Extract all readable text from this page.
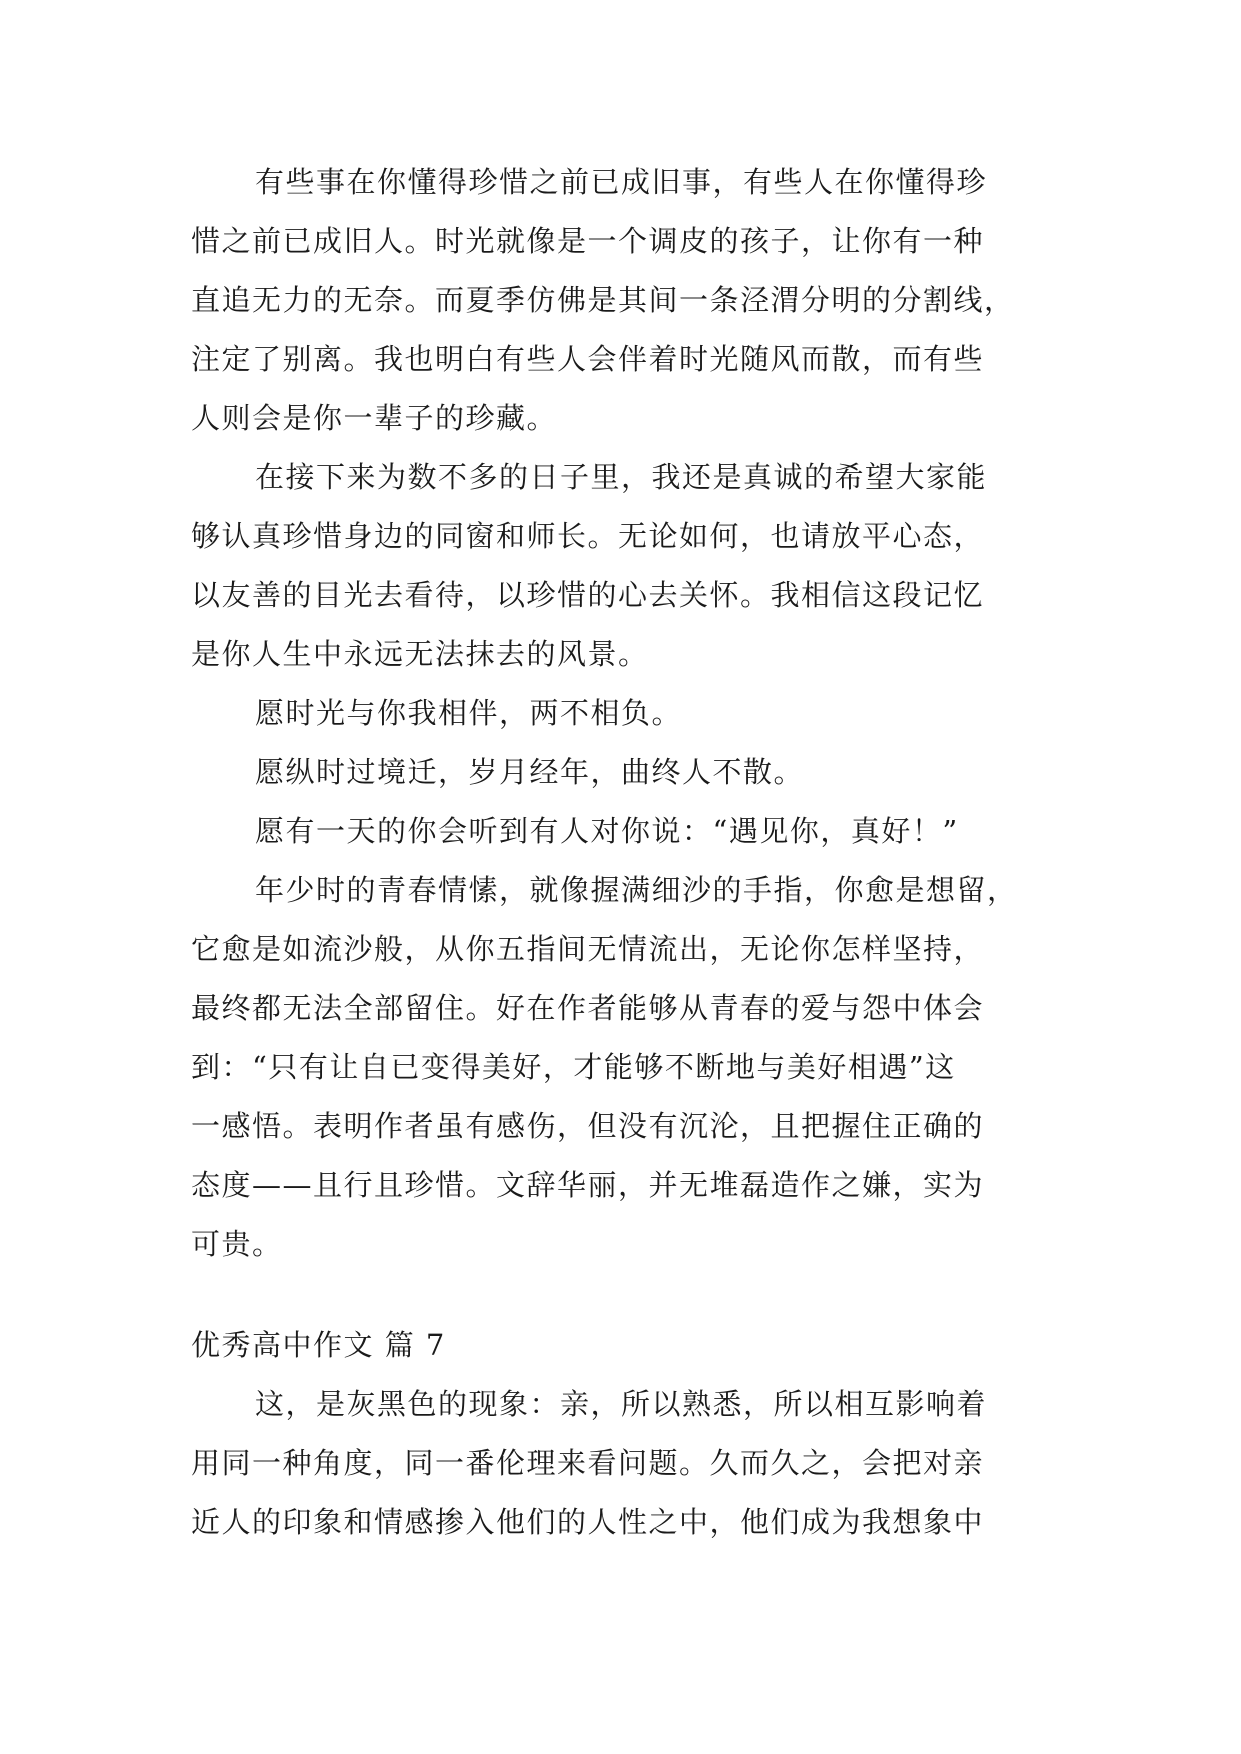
有些事在你懂得珍惜之前已成旧事，有些人在你懂得珍
惜之前已成旧人。时光就像是一个调皮的孩子，让你有一种
直追无力的无奈。而夏季仿佛是其间一条泾渭分明的分割线，
注定了别离。我也明白有些人会伴着时光随风而散，而有些
人则会是你一辈子的珍藏。
在接下来为数不多的日子里，我还是真诚的希望大家能
够认真珍惜身边的同窗和师长。无论如何，也请放平心态，
以友善的目光去看待，以珍惜的心去关怀。我相信这段记忆
是你人生中永远无法抹去的风景。
愿时光与你我相伴，两不相负。
愿纵时过境迁，岁月经年，曲终人不散。
愿有一天的你会听到有人对你说：“遇见你，真好！”
年少时的青春情愫，就像握满细沙的手指，你愈是想留，
它愈是如流沙般，从你五指间无情流出，无论你怎样坚持，
最终都无法全部留住。好在作者能够从青春的爱与怨中体会
到：“只有让自已变得美好，才能够不断地与美好相遇”这
一感悟。表明作者虽有感伤，但没有沉沦，且把握住正确的
态度——且行且珍惜。文辞华丽，并无堆磊造作之嫌，实为
可贵。
优秀高中作文 篇 7
这，是灰黑色的现象：亲，所以熟悉，所以相互影响着
用同一种角度，同一番伦理来看问题。久而久之，会把对亲
近人的印象和情感掺入他们的人性之中，他们成为我想象中
